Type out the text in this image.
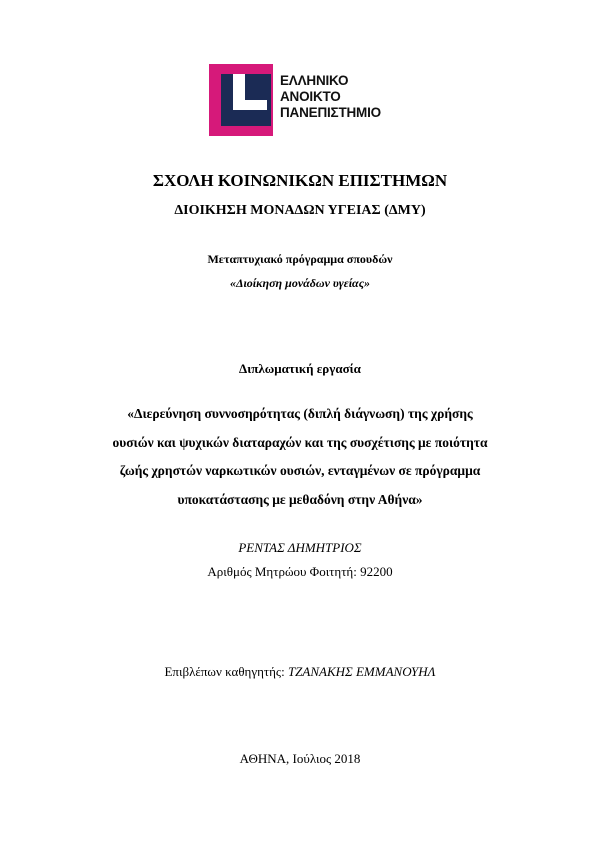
ΕΛΛΗΝΙΚΟ
ΑΝΟΙΚΤΟ
ΠΑΝΕΠΙΣΤΗΜΙΟ
ΣΧΟΛΗ ΚΟΙΝΩΝΙΚΩΝ ΕΠΙΣΤΗΜΩΝ
ΔΙΟΙΚΗΣΗ ΜΟΝΑΔΩΝ ΥΓΕΙΑΣ (ΔΜΥ)
Μεταπτυχιακό πρόγραμμα σπουδών
«Διοίκηση μονάδων υγείας»
Διπλωματική εργασία
«Διερεύνηση συννοσηρότητας (διπλή διάγνωση) της χρήσης
ουσιών και ψυχικών διαταραχών και της συσχέτισης με ποιότητα
ζωής χρηστών ναρκωτικών ουσιών, ενταγμένων σε πρόγραμμα
υποκατάστασης με μεθαδόνη στην Αθήνα»
ΡΕΝΤΑΣ ΔΗΜΗΤΡΙΟΣ
Αριθμός Μητρώου Φοιτητή: 92200
Επιβλέπων καθηγητής: ΤΖΑΝΑΚΗΣ ΕΜΜΑΝΟΥΗΛ
ΑΘΗΝΑ, Ιούλιος 2018
